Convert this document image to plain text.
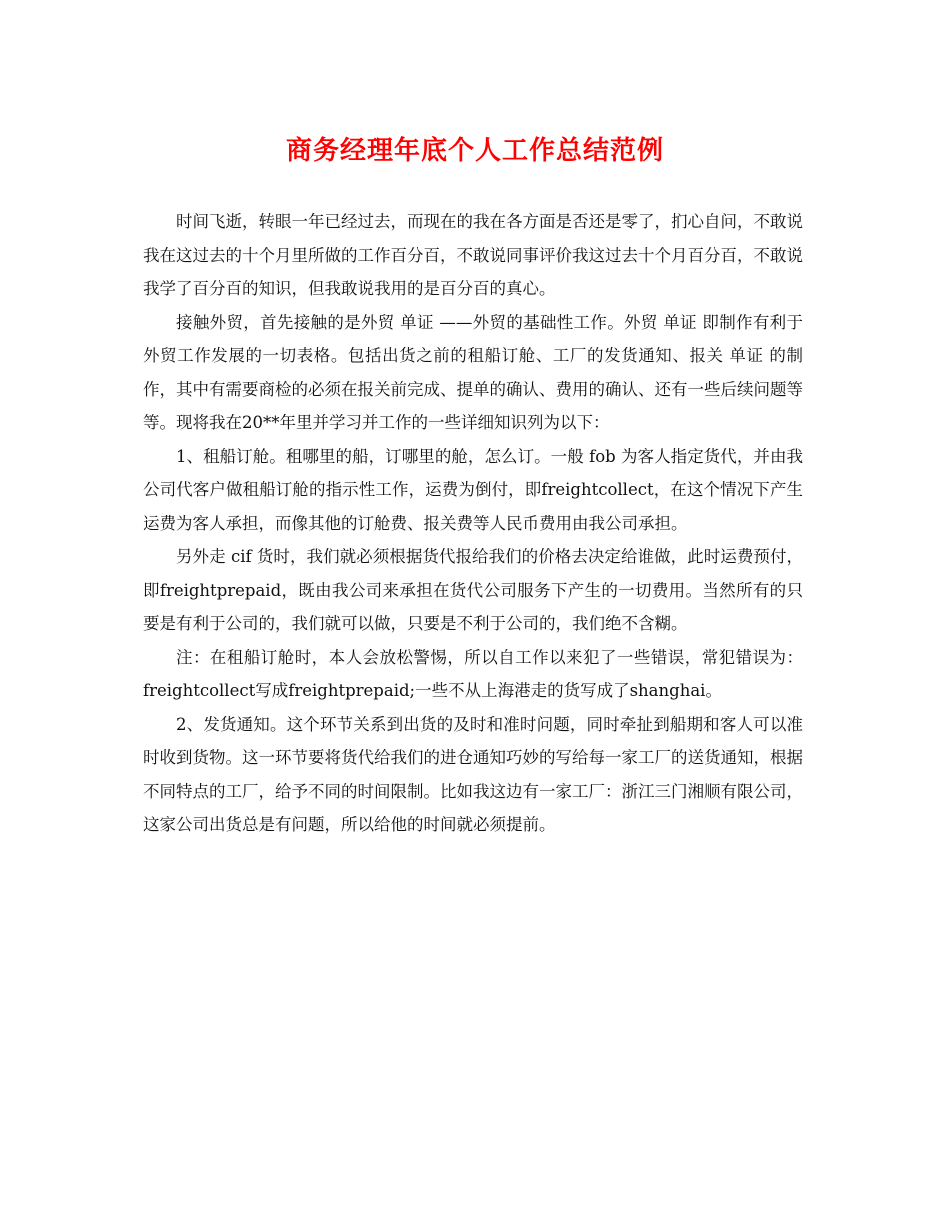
商务经理年底个人工作总结范例

时间飞逝，转眼一年已经过去，而现在的我在各方面是否还是零了，扪心自问，不敢说我在这过去的十个月里所做的工作百分百，不敢说同事评价我这过去十个月百分百，不敢说我学了百分百的知识，但我敢说我用的是百分百的真心。

接触外贸，首先接触的是外贸 单证 ——外贸的基础性工作。外贸 单证 即制作有利于外贸工作发展的一切表格。包括出货之前的租船订舱、工厂的发货通知、报关 单证 的制作，其中有需要商检的必须在报关前完成、提单的确认、费用的确认、还有一些后续问题等等。现将我在20**年里并学习并工作的一些详细知识列为以下：

1、租船订舱。租哪里的船，订哪里的舱，怎么订。一般 fob 为客人指定货代，并由我公司代客户做租船订舱的指示性工作，运费为倒付，即freightcollect，在这个情况下产生运费为客人承担，而像其他的订舱费、报关费等人民币费用由我公司承担。

另外走 cif 货时，我们就必须根据货代报给我们的价格去决定给谁做，此时运费预付，即freightprepaid，既由我公司来承担在货代公司服务下产生的一切费用。当然所有的只要是有利于公司的，我们就可以做，只要是不利于公司的，我们绝不含糊。

注：在租船订舱时，本人会放松警惕，所以自工作以来犯了一些错误，常犯错误为：freightcollect写成freightprepaid;一些不从上海港走的货写成了shanghai。

2、发货通知。这个环节关系到出货的及时和准时问题，同时牵扯到船期和客人可以准时收到货物。这一环节要将货代给我们的进仓通知巧妙的写给每一家工厂的送货通知，根据不同特点的工厂，给予不同的时间限制。比如我这边有一家工厂：浙江三门湘顺有限公司，这家公司出货总是有问题，所以给他的时间就必须提前。
